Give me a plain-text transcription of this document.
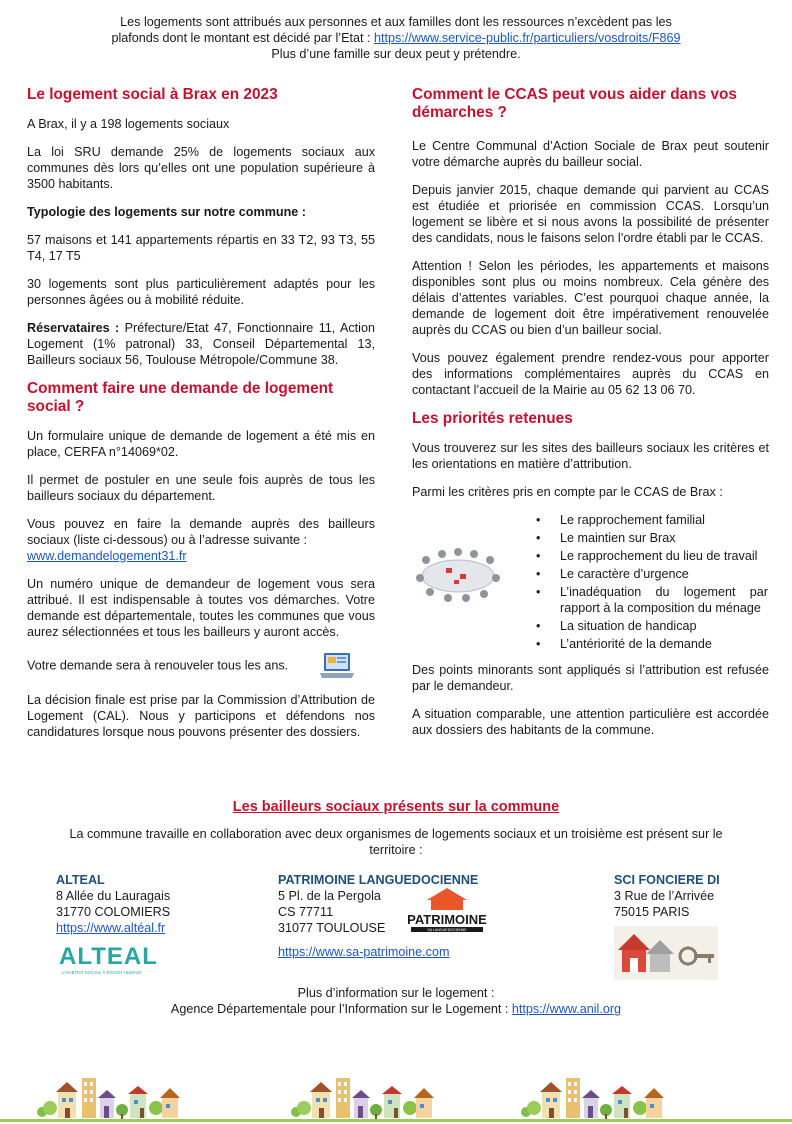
Les logements sont attribués aux personnes et aux familles dont les ressources n’excèdent pas les
plafonds dont le montant est décidé par l’Etat : https://www.service-public.fr/particuliers/vosdroits/F869
Plus d’une famille sur deux peut y prétendre.
Le logement social à Brax en 2023

A Brax, il y a 198 logements sociaux

La loi SRU demande 25% de logements sociaux aux communes dès lors qu’elles ont une population supérieure à 3500 habitants.

Typologie des logements sur notre commune :

57 maisons et 141 appartements répartis en 33 T2, 93 T3, 55 T4, 17 T5

30 logements sont plus particulièrement adaptés pour les personnes âgées ou à mobilité réduite.

Réservataires : Préfecture/Etat 47, Fonctionnaire 11, Action Logement (1% patronal) 33, Conseil Départemental 13, Bailleurs sociaux 56, Toulouse Métropole/Commune 38.

Comment faire une demande de logement social ?

Un formulaire unique de demande de logement a été mis en place, CERFA n°14069*02.

Il permet de postuler en une seule fois auprès de tous les bailleurs sociaux du département.

Vous pouvez en faire la demande auprès des bailleurs sociaux (liste ci-dessous) ou à l’adresse suivante :

www.demandelogement31.fr

Un numéro unique de demandeur de logement vous sera attribué. Il est indispensable à toutes vos démarches. Votre demande est départementale, toutes les communes que vous aurez sélectionnées et tous les bailleurs y auront accès.

Votre demande sera à renouveler tous les ans.

La décision finale est prise par la Commission d’Attribution de Logement (CAL). Nous y participons et défendons nos candidatures lorsque nous pouvons présenter des dossiers.

Comment le CCAS peut vous aider dans vos démarches ?

Le Centre Communal d’Action Sociale de Brax peut soutenir votre démarche auprès du bailleur social.

Depuis janvier 2015, chaque demande qui parvient au CCAS est étudiée et priorisée en commission CCAS. Lorsqu’un logement se libère et si nous avons la possibilité de présenter des candidats, nous le faisons selon l’ordre établi par le CCAS.

Attention ! Selon les périodes, les appartements et maisons disponibles sont plus ou moins nombreux. Cela génère des délais d’attentes variables. C’est pourquoi chaque année, la demande de logement doit être impérativement renouvelée auprès du CCAS ou bien d’un bailleur social.

Vous pouvez également prendre rendez-vous pour apporter des informations complémentaires auprès du CCAS en contactant l’accueil de la Mairie au 05 62 13 06 70.

Les priorités retenues

Vous trouverez sur les sites des bailleurs sociaux les critères et les orientations en matière d’attribution.

Parmi les critères pris en compte par le CCAS de Brax :

• Le rapprochement familial
• Le maintien sur Brax
• Le rapprochement du lieu de travail
• Le caractère d’urgence
• L’inadéquation du logement par rapport à la composition du ménage
• La situation de handicap
• L’antériorité de la demande

Des points minorants sont appliqués si l’attribution est refusée par le demandeur.

A situation comparable, une attention particulière est accordée aux dossiers des habitants de la commune.

Les bailleurs sociaux présents sur la commune
La commune travaille en collaboration avec deux organismes de logements sociaux et un troisième est présent sur le territoire :
ALTEAL
8 Allée du Lauragais
31770 COLOMIERS
https://www.altéal.fr
ALTEAL
L'HABITAT SOCIAL À ESSOR HUMAIN
PATRIMOINE LANGUEDOCIENNE
5 Pl. de la Pergola
CS 77711
31077 TOULOUSE
PATRIMOINE
SA LANGUEDOCIENNE
https://www.sa-patrimoine.com
SCI FONCIERE DI
3 Rue de l’Arrivée
75015 PARIS
Plus d’information sur le logement :
Agence Départementale pour l’Information sur le Logement : https://www.anil.org
